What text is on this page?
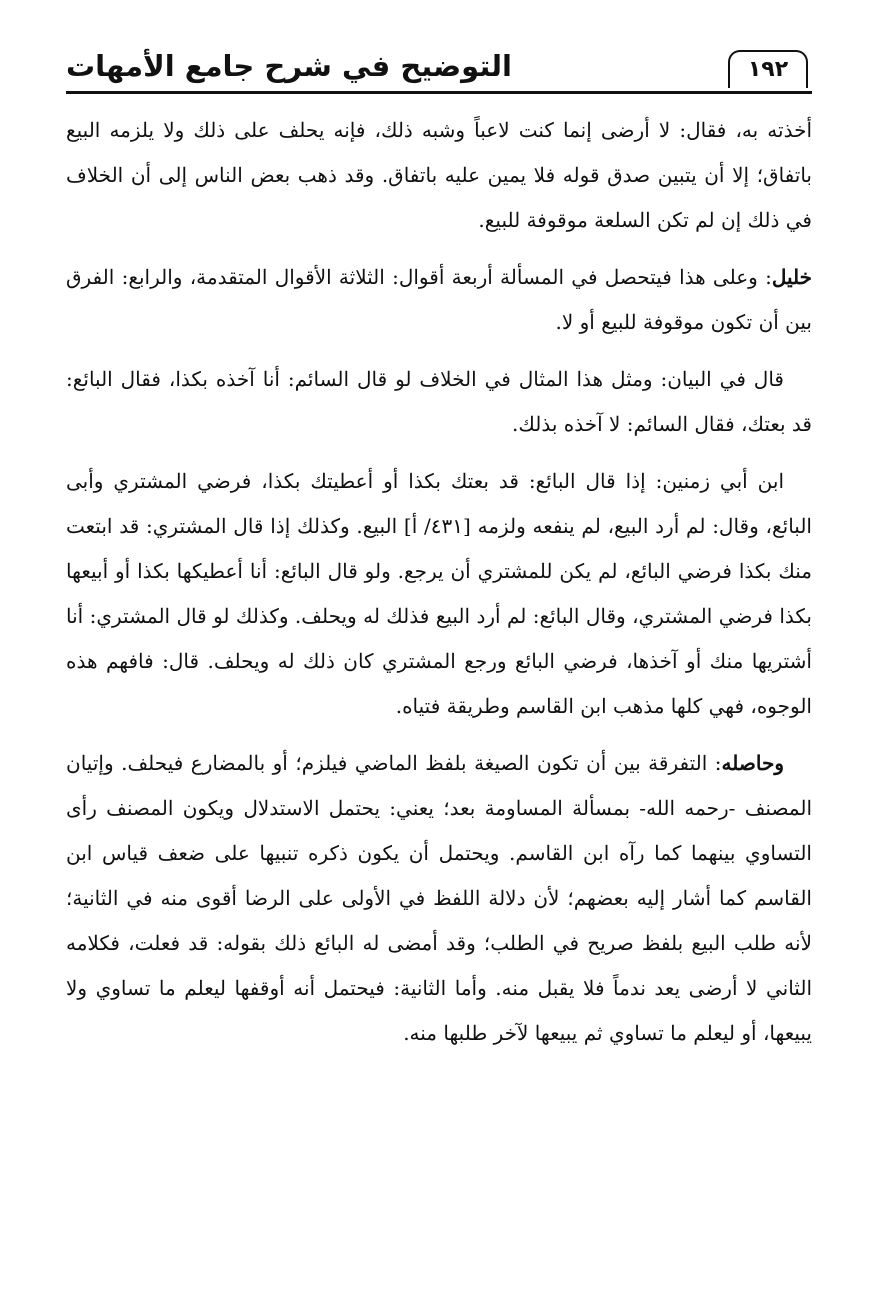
التوضيح في شرح جامع الأمهات	١٩٢

أخذته به، فقال: لا أرضى إنما كنت لاعباً وشبه ذلك، فإنه يحلف على ذلك ولا يلزمه البيع باتفاق؛ إلا أن يتبين صدق قوله فلا يمين عليه باتفاق. وقد ذهب بعض الناس إلى أن الخلاف في ذلك إن لم تكن السلعة موقوفة للبيع.

خليل: وعلى هذا فيتحصل في المسألة أربعة أقوال: الثلاثة الأقوال المتقدمة، والرابع: الفرق بين أن تكون موقوفة للبيع أو لا.

قال في البيان: ومثل هذا المثال في الخلاف لو قال السائم: أنا آخذه بكذا، فقال البائع: قد بعتك، فقال السائم: لا آخذه بذلك.

ابن أبي زمنين: إذا قال البائع: قد بعتك بكذا أو أعطيتك بكذا، فرضي المشتري وأبى البائع، وقال: لم أرد البيع، لم ينفعه ولزمه [٤٣١/ أ] البيع. وكذلك إذا قال المشتري: قد ابتعت منك بكذا فرضي البائع، لم يكن للمشتري أن يرجع. ولو قال البائع: أنا أعطيكها بكذا أو أبيعها بكذا فرضي المشتري، وقال البائع: لم أرد البيع فذلك له ويحلف. وكذلك لو قال المشتري: أنا أشتريها منك أو آخذها، فرضي البائع ورجع المشتري كان ذلك له ويحلف. قال: فافهم هذه الوجوه، فهي كلها مذهب ابن القاسم وطريقة فتياه.

وحاصله: التفرقة بين أن تكون الصيغة بلفظ الماضي فيلزم؛ أو بالمضارع فيحلف. وإتيان المصنف -رحمه الله- بمسألة المساومة بعد؛ يعني: يحتمل الاستدلال ويكون المصنف رأى التساوي بينهما كما رآه ابن القاسم. ويحتمل أن يكون ذكره تنبيها على ضعف قياس ابن القاسم كما أشار إليه بعضهم؛ لأن دلالة اللفظ في الأولى على الرضا أقوى منه في الثانية؛ لأنه طلب البيع بلفظ صريح في الطلب؛ وقد أمضى له البائع ذلك بقوله: قد فعلت، فكلامه الثاني لا أرضى يعد ندماً فلا يقبل منه. وأما الثانية: فيحتمل أنه أوقفها ليعلم ما تساوي ولا يبيعها، أو ليعلم ما تساوي ثم يبيعها لآخر طلبها منه.
